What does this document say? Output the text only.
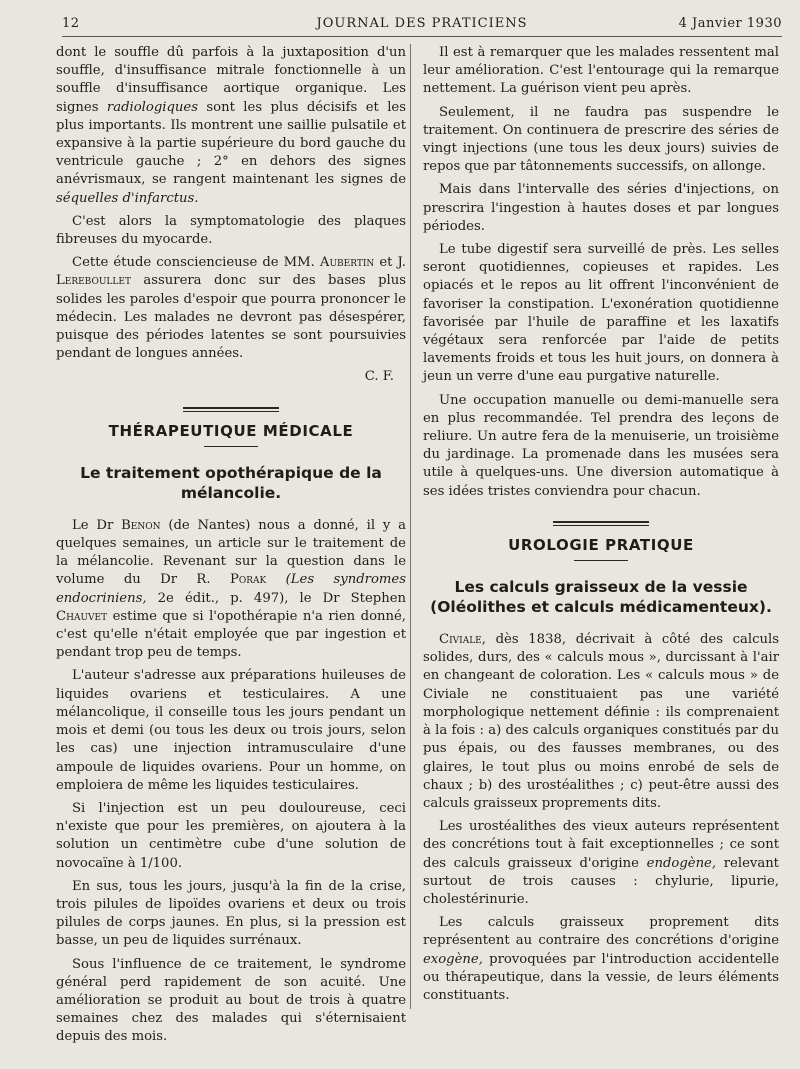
12	JOURNAL DES PRATICIENS	4 Janvier 1930

dont le souffle dû parfois à la juxtaposition d'un souffle, d'insuffisance mitrale fonctionnelle à un souffle d'insuffisance aortique organique. Les signes radiologiques sont les plus décisifs et les plus importants. Ils montrent une saillie pulsatile et expansive à la partie supérieure du bord gauche du ventricule gauche ; 2° en dehors des signes anévrismaux, se rangent maintenant les signes de séquelles d'infarctus.

C'est alors la symptomatologie des plaques fibreuses du myocarde.

Cette étude consciencieuse de MM. Aubertin et J. Lereboullet assurera donc sur des bases plus solides les paroles d'espoir que pourra prononcer le médecin. Les malades ne devront pas désespérer, puisque des périodes latentes se sont poursuivies pendant de longues années.

C. F.

THÉRAPEUTIQUE MÉDICALE
Le traitement opothérapique de la mélancolie.

Le Dr Benon (de Nantes) nous a donné, il y a quelques semaines, un article sur le traitement de la mélancolie. Revenant sur la question dans le volume du Dr R. Porak (Les syndromes endocriniens, 2e édit., p. 497), le Dr Stephen Chauvet estime que si l'opothérapie n'a rien donné, c'est qu'elle n'était employée que par ingestion et pendant trop peu de temps.

L'auteur s'adresse aux préparations huileuses de liquides ovariens et testiculaires. A une mélancolique, il conseille tous les jours pendant un mois et demi (ou tous les deux ou trois jours, selon les cas) une injection intramusculaire d'une ampoule de liquides ovariens. Pour un homme, on emploiera de même les liquides testiculaires.

Si l'injection est un peu douloureuse, ceci n'existe que pour les premières, on ajoutera à la solution un centimètre cube d'une solution de novocaïne à 1/100.

En sus, tous les jours, jusqu'à la fin de la crise, trois pilules de lipoïdes ovariens et deux ou trois pilules de corps jaunes. En plus, si la pression est basse, un peu de liquides surrénaux.

Sous l'influence de ce traitement, le syndrome général perd rapidement de son acuité. Une amélioration se produit au bout de trois à quatre semaines chez des malades qui s'éternisaient depuis des mois.

Il est à remarquer que les malades ressentent mal leur amélioration. C'est l'entourage qui la remarque nettement. La guérison vient peu après.

Seulement, il ne faudra pas suspendre le traitement. On continuera de prescrire des séries de vingt injections (une tous les deux jours) suivies de repos que par tâtonnements successifs, on allonge.

Mais dans l'intervalle des séries d'injections, on prescrira l'ingestion à hautes doses et par longues périodes.

Le tube digestif sera surveillé de près. Les selles seront quotidiennes, copieuses et rapides. Les opiacés et le repos au lit offrent l'inconvénient de favoriser la constipation. L'exonération quotidienne favorisée par l'huile de paraffine et les laxatifs végétaux sera renforcée par l'aide de petits lavements froids et tous les huit jours, on donnera à jeun un verre d'une eau purgative naturelle.

Une occupation manuelle ou demi-manuelle sera en plus recommandée. Tel prendra des leçons de reliure. Un autre fera de la menuiserie, un troisième du jardinage. La promenade dans les musées sera utile à quelques-uns. Une diversion automatique à ses idées tristes conviendra pour chacun.

UROLOGIE PRATIQUE
Les calculs graisseux de la vessie (Oléolithes et calculs médicamenteux).

Civiale, dès 1838, décrivait à côté des calculs solides, durs, des « calculs mous », durcissant à l'air en changeant de coloration. Les « calculs mous » de Civiale ne constituaient pas une variété morphologique nettement définie : ils comprenaient à la fois : a) des calculs organiques constitués par du pus épais, ou des fausses membranes, ou des glaires, le tout plus ou moins enrobé de sels de chaux ; b) des urostéalithes ; c) peut-être aussi des calculs graisseux proprements dits.

Les urostéalithes des vieux auteurs représentent des concrétions tout à fait exceptionnelles ; ce sont des calculs graisseux d'origine endogène, relevant surtout de trois causes : chylurie, lipurie, cholestérinurie.

Les calculs graisseux proprement dits représentent au contraire des concrétions d'origine exogène, provoquées par l'introduction accidentelle ou thérapeutique, dans la vessie, de leurs éléments constituants.
